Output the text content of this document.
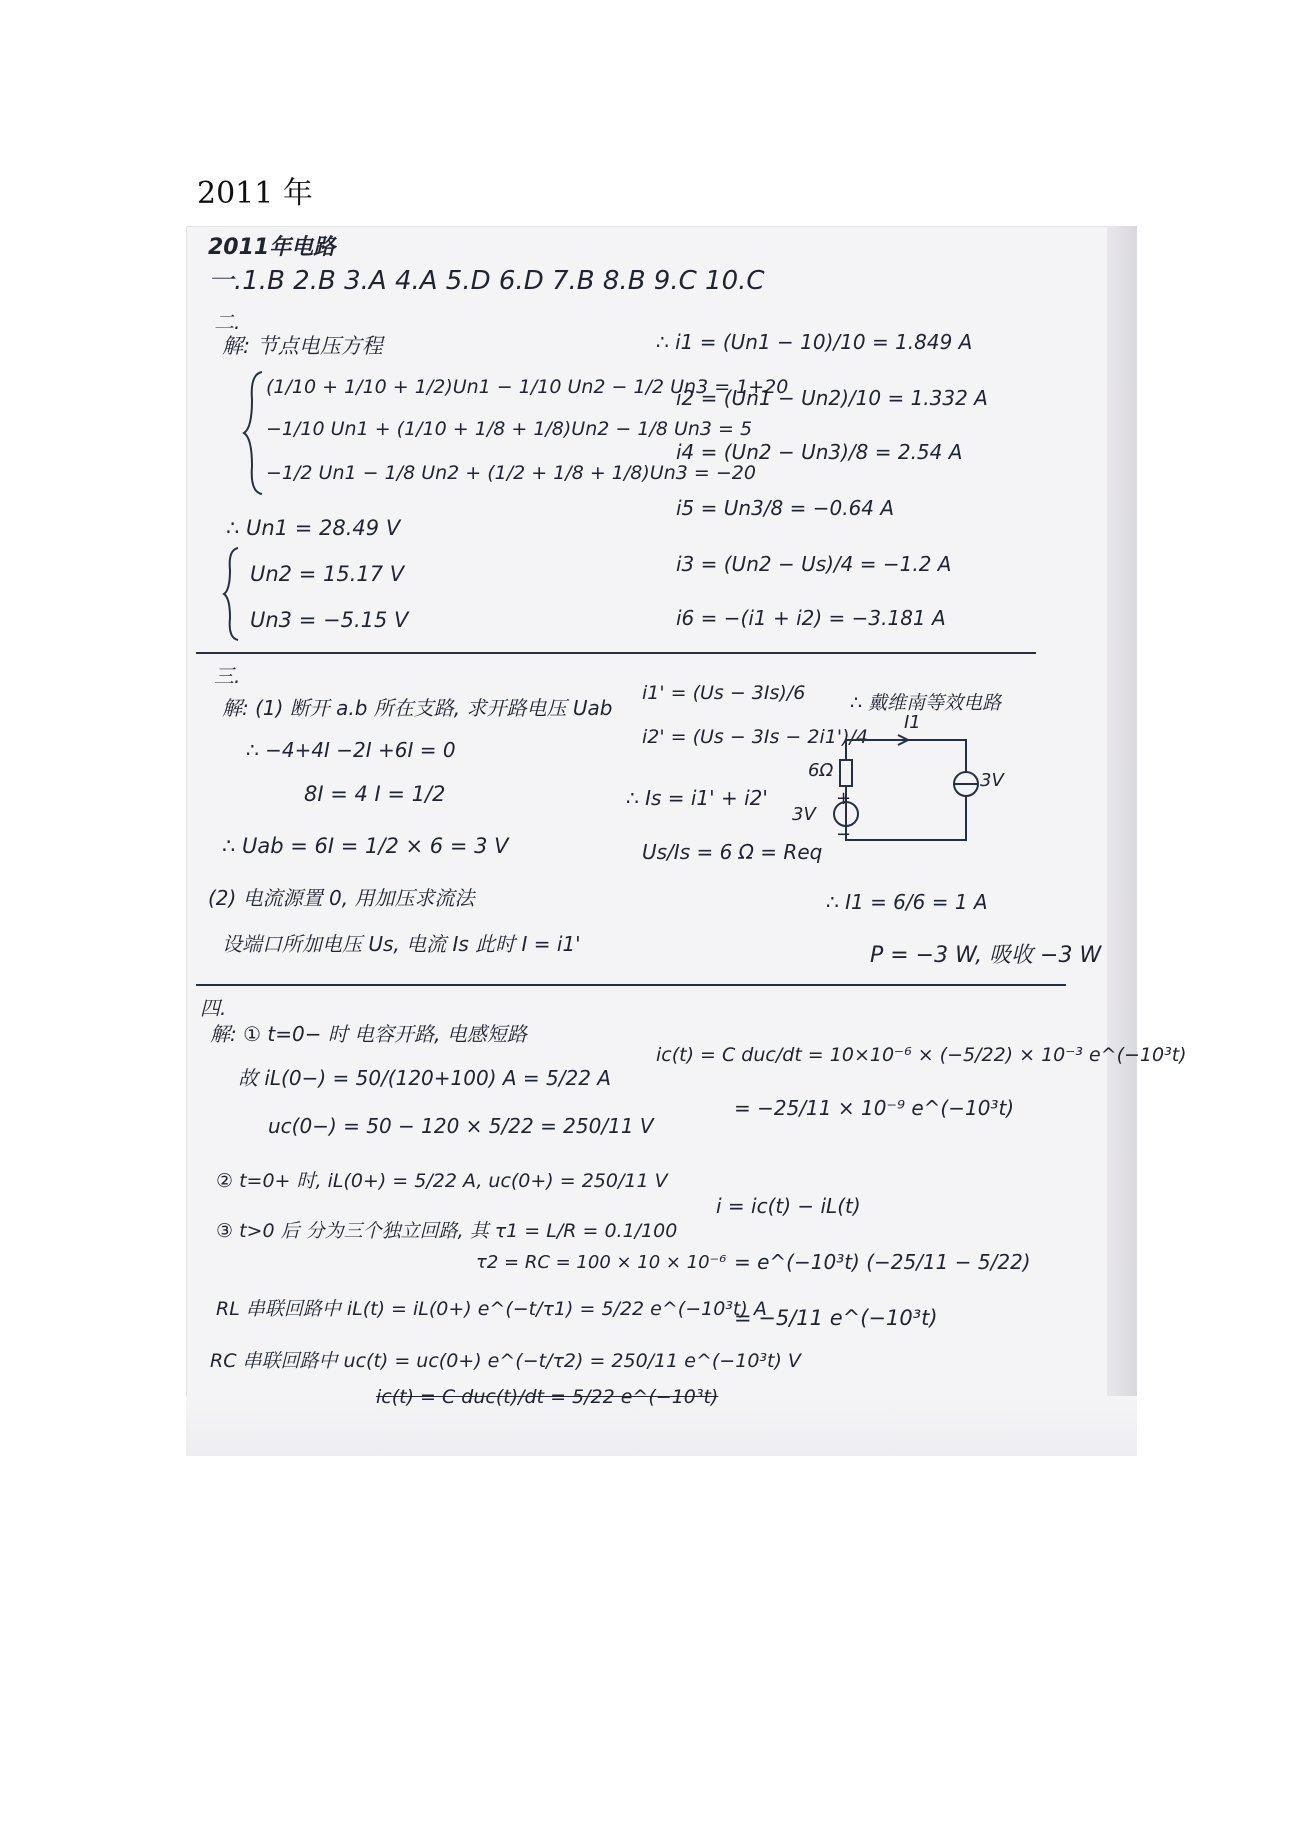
2011 年
2011年电路
一.1.B 2.B 3.A 4.A 5.D 6.D 7.B 8.B 9.C 10.C
二.
解: 节点电压方程
(1/10 + 1/10 + 1/2)Un1 − 1/10 Un2 − 1/2 Un3 = 1+20
−1/10 Un1 + (1/10 + 1/8 + 1/8)Un2 − 1/8 Un3 = 5
−1/2 Un1 − 1/8 Un2 + (1/2 + 1/8 + 1/8)Un3 = −20
∴ Un1 = 28.49 V
Un2 = 15.17 V
Un3 = −5.15 V
∴ i1 = (Un1 − 10)/10 = 1.849 A
i2 = (Un1 − Un2)/10 = 1.332 A
i4 = (Un2 − Un3)/8 = 2.54 A
i5 = Un3/8 = −0.64 A
i3 = (Un2 − Us)/4 = −1.2 A
i6 = −(i1 + i2) = −3.181 A
三.
解: (1) 断开 a.b 所在支路, 求开路电压 Uab
∴ −4+4I −2I +6I = 0
8I = 4 I = 1/2
∴ Uab = 6I = 1/2 × 6 = 3 V
(2) 电流源置 0, 用加压求流法
设端口所加电压 Us, 电流 Is 此时 I = i1'
i1' = (Us − 3Is)/6
i2' = (Us − 3Is − 2i1')/4
∴ Is = i1' + i2'
Us/Is = 6 Ω = Req
∴ 戴维南等效电路
I1
6Ω
3V
3V
+
−
∴ I1 = 6/6 = 1 A
P = −3 W, 吸收 −3 W
四.
解: ① t=0− 时 电容开路, 电感短路
故 iL(0−) = 50/(120+100) A = 5/22 A
uc(0−) = 50 − 120 × 5/22 = 250/11 V
② t=0+ 时, iL(0+) = 5/22 A, uc(0+) = 250/11 V
③ t>0 后 分为三个独立回路, 其 τ1 = L/R = 0.1/100
τ2 = RC = 100 × 10 × 10⁻⁶
RL 串联回路中 iL(t) = iL(0+) e^(−t/τ1) = 5/22 e^(−10³t) A
RC 串联回路中 uc(t) = uc(0+) e^(−t/τ2) = 250/11 e^(−10³t) V
ic(t) = C duc(t)/dt = 5/22 e^(−10³t)
ic(t) = C duc/dt = 10×10⁻⁶ × (−5/22) × 10⁻³ e^(−10³t)
= −25/11 × 10⁻⁹ e^(−10³t)
i = ic(t) − iL(t)
= e^(−10³t) (−25/11 − 5/22)
= −5/11 e^(−10³t)
